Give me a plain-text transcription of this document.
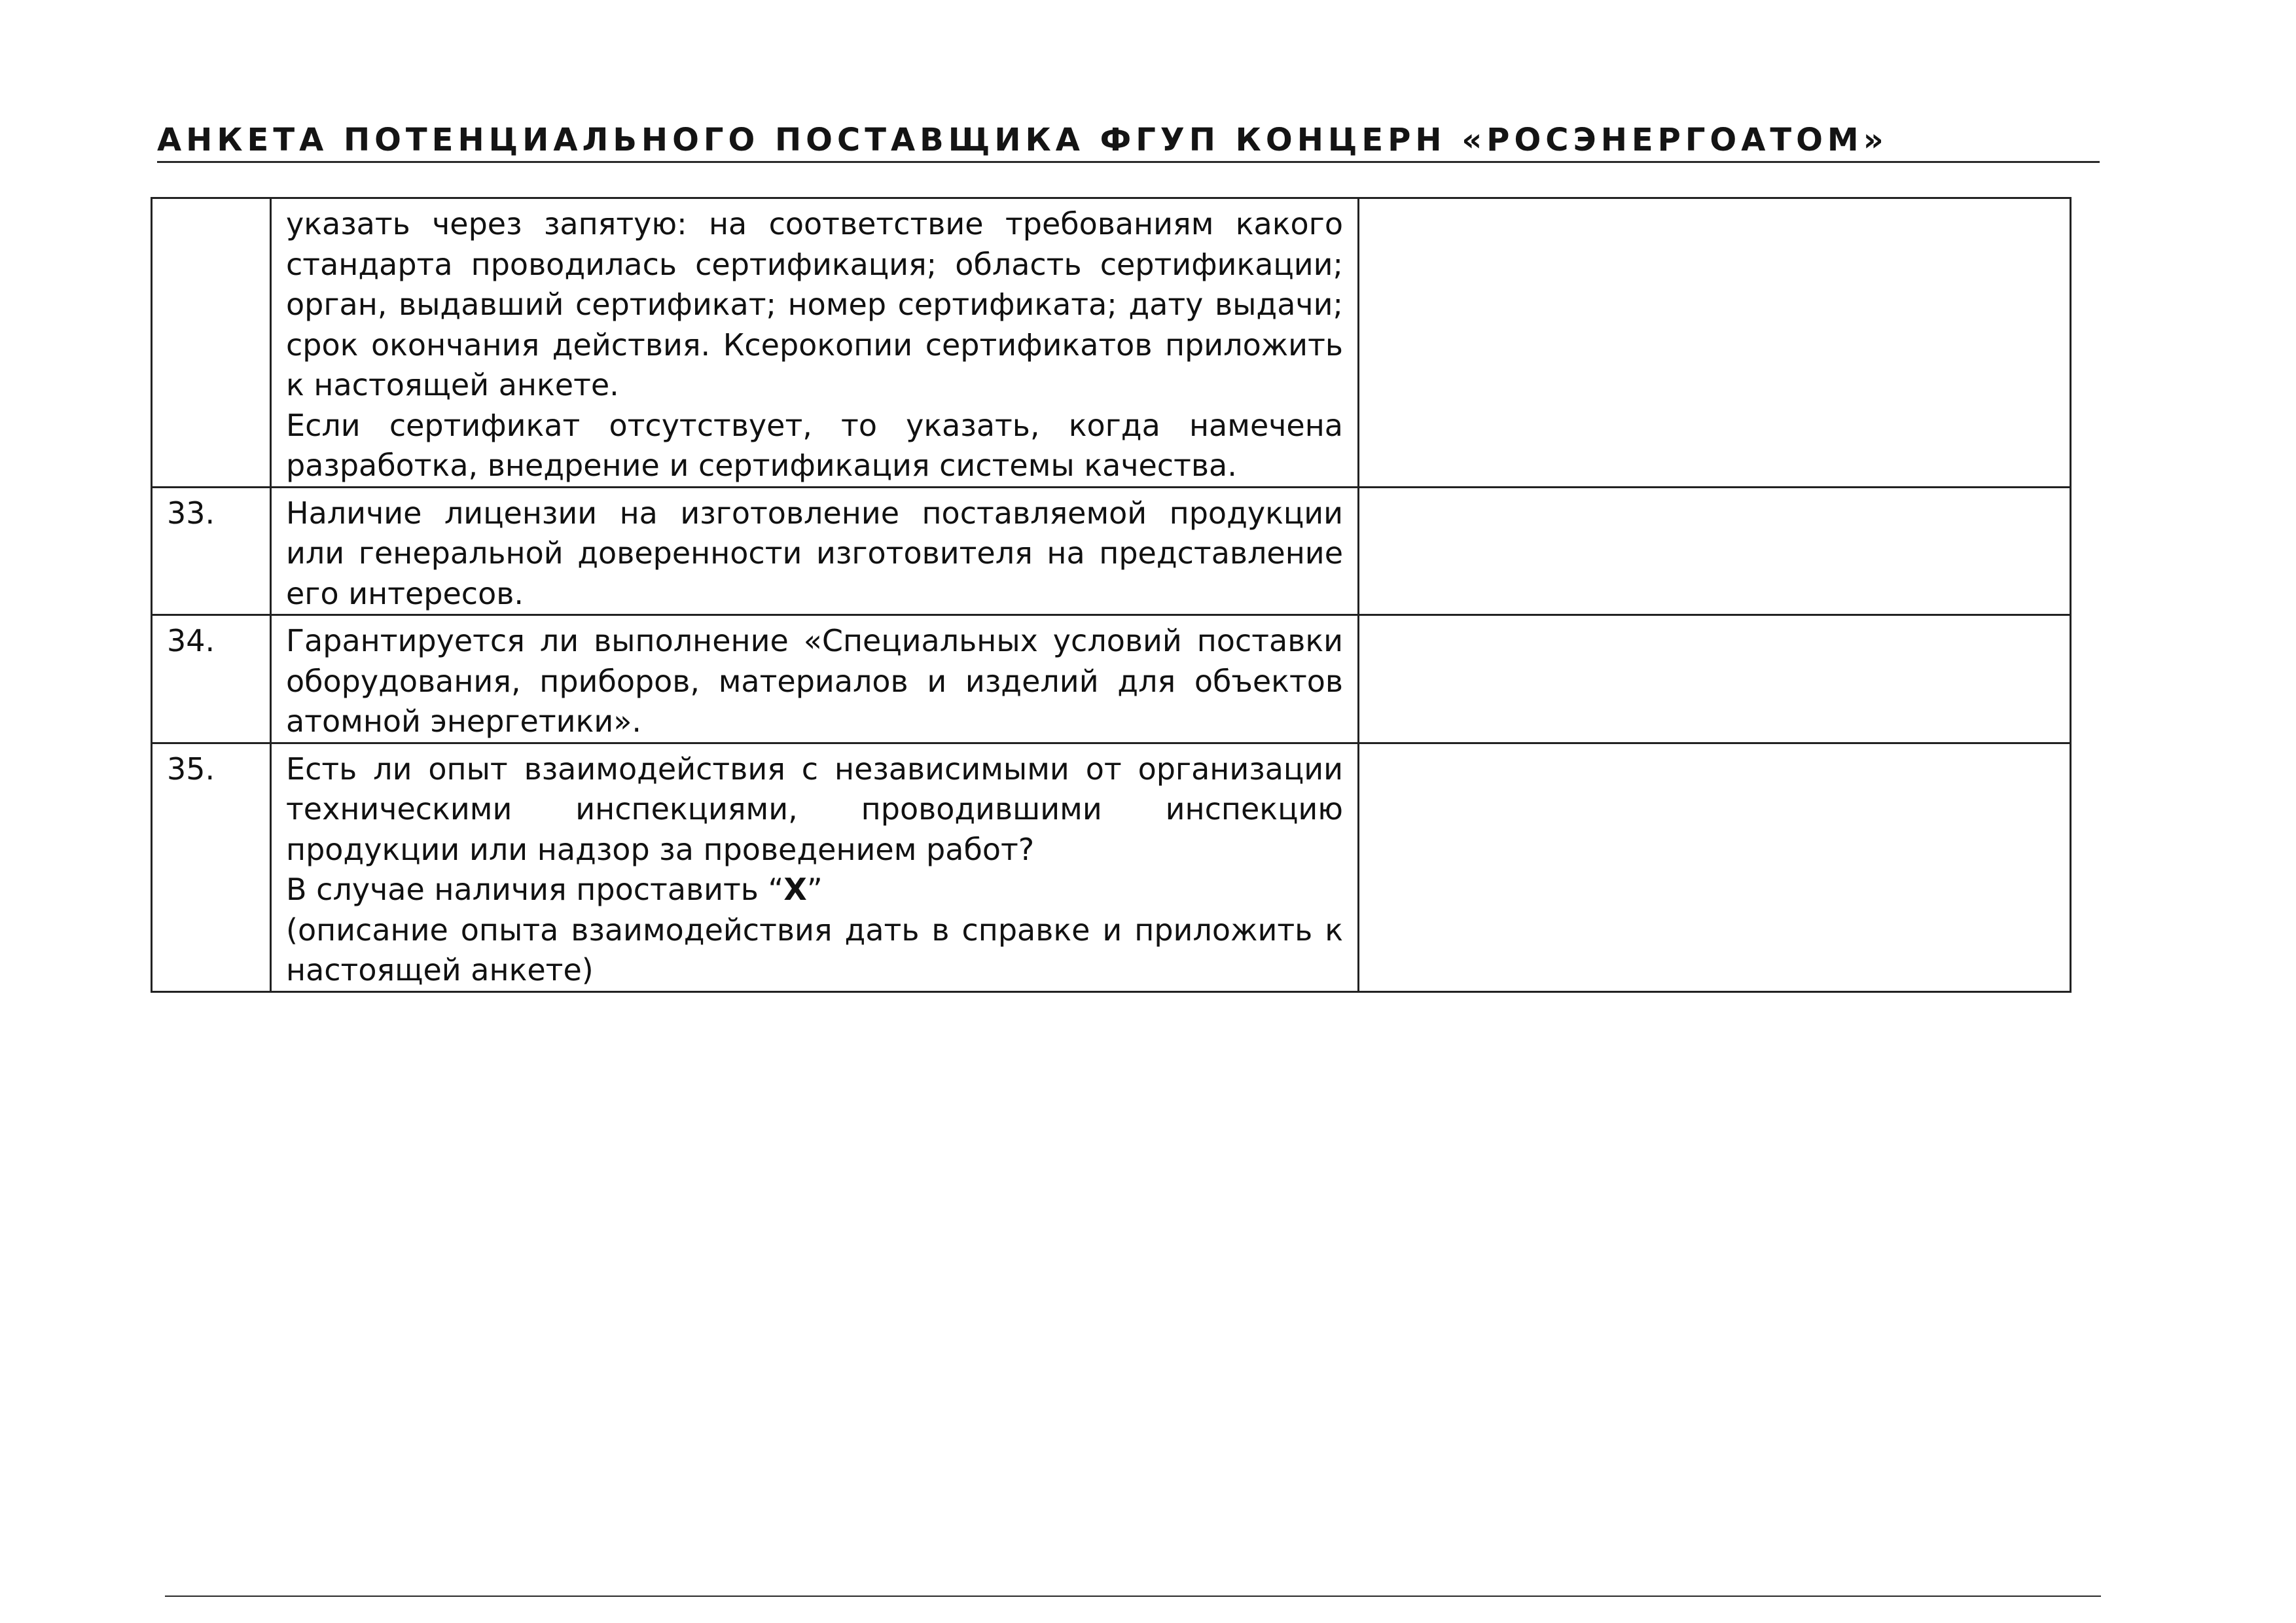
АНКЕТА ПОТЕНЦИАЛЬНОГО ПОСТАВЩИКА ФГУП КОНЦЕРН «РОСЭНЕРГОАТОМ»

	указать через запятую: на соответствие требованиям какого стандарта проводилась сертификация; область сертификации; орган, выдавший сертификат; номер сертификата; дату выдачи; срок окончания действия. Ксерокопии сертификатов приложить к настоящей анкете.

Если сертификат отсутствует, то указать, когда намечена разработка, внедрение и сертификация системы качества.	

33.	Наличие лицензии на изготовление поставляемой продукции или генеральной доверенности изготовителя на представление его интересов.	

34.	Гарантируется ли выполнение «Специальных условий поставки оборудования, приборов, материалов и изделий для объектов атомной энергетики».	

35.	Есть ли опыт взаимодействия с независимыми от организации техническими инспекциями, проводившими инспекцию продукции или надзор за проведением работ?

В случае наличия проставить “X”

(описание опыта взаимодействия дать в справке и приложить к настоящей анкете)	
